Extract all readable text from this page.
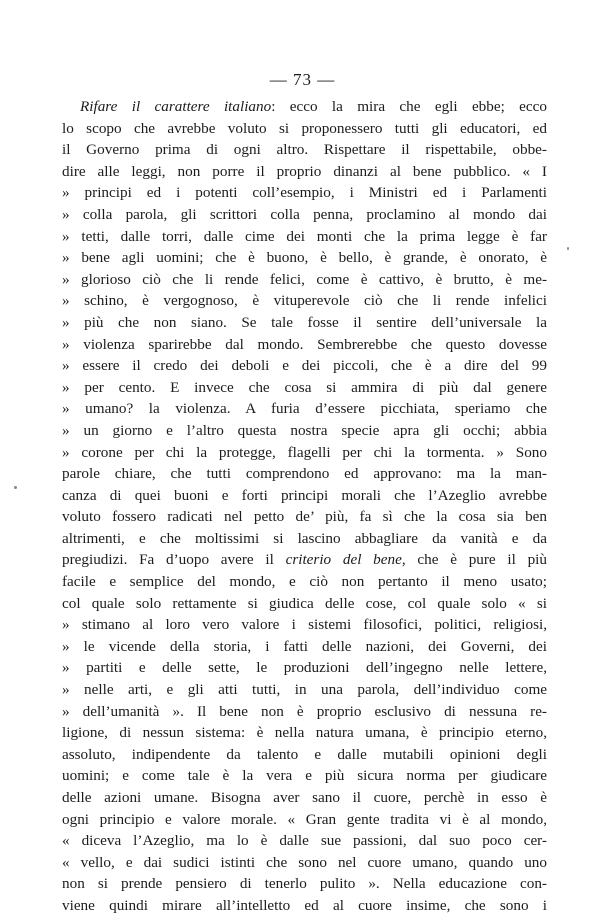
— 73 —
Rifare il carattere italiano: ecco la mira che egli ebbe; ecco
lo scopo che avrebbe voluto si proponessero tutti gli educatori, ed
il Governo prima di ogni altro. Rispettare il rispettabile, obbe-
dire alle leggi, non porre il proprio dinanzi al bene pubblico. « I
» principi ed i potenti coll’esempio, i Ministri ed i Parlamenti
» colla parola, gli scrittori colla penna, proclamino al mondo dai
» tetti, dalle torri, dalle cime dei monti che la prima legge è far
» bene agli uomini; che è buono, è bello, è grande, è onorato, è
» glorioso ciò che li rende felici, come è cattivo, è brutto, è me-
» schino, è vergognoso, è vituperevole ciò che li rende infelici
» più che non siano. Se tale fosse il sentire dell’universale la
» violenza sparirebbe dal mondo. Sembrerebbe che questo dovesse
» essere il credo dei deboli e dei piccoli, che è a dire del 99
» per cento. E invece che cosa si ammira di più dal genere
» umano? la violenza. A furia d’essere picchiata, speriamo che
» un giorno e l’altro questa nostra specie apra gli occhi; abbia
» corone per chi la protegge, flagelli per chi la tormenta. » Sono
parole chiare, che tutti comprendono ed approvano: ma la man-
canza di quei buoni e forti principi morali che l’Azeglio avrebbe
voluto fossero radicati nel petto de’ più, fa sì che la cosa sia ben
altrimenti, e che moltissimi si lascino abbagliare da vanità e da
pregiudizi. Fa d’uopo avere il criterio del bene, che è pure il più
facile e semplice del mondo, e ciò non pertanto il meno usato;
col quale solo rettamente si giudica delle cose, col quale solo « si
» stimano al loro vero valore i sistemi filosofici, politici, religiosi,
» le vicende della storia, i fatti delle nazioni, dei Governi, dei
» partiti e delle sette, le produzioni dell’ingegno nelle lettere,
» nelle arti, e gli atti tutti, in una parola, dell’individuo come
» dell’umanità ». Il bene non è proprio esclusivo di nessuna re-
ligione, di nessun sistema: è nella natura umana, è principio eterno,
assoluto, indipendente da talento e dalle mutabili opinioni degli
uomini; e come tale è la vera e più sicura norma per giudicare
delle azioni umane. Bisogna aver sano il cuore, perchè in esso è
ogni principio e valore morale. « Gran gente tradita vi è al mondo,
« diceva l’Azeglio, ma lo è dalle sue passioni, dal suo poco cer-
« vello, e dai sudici istinti che sono nel cuore umano, quando uno
non si prende pensiero di tenerlo pulito ». Nella educazione con-
viene quindi mirare all’intelletto ed al cuore insime, che sono i
